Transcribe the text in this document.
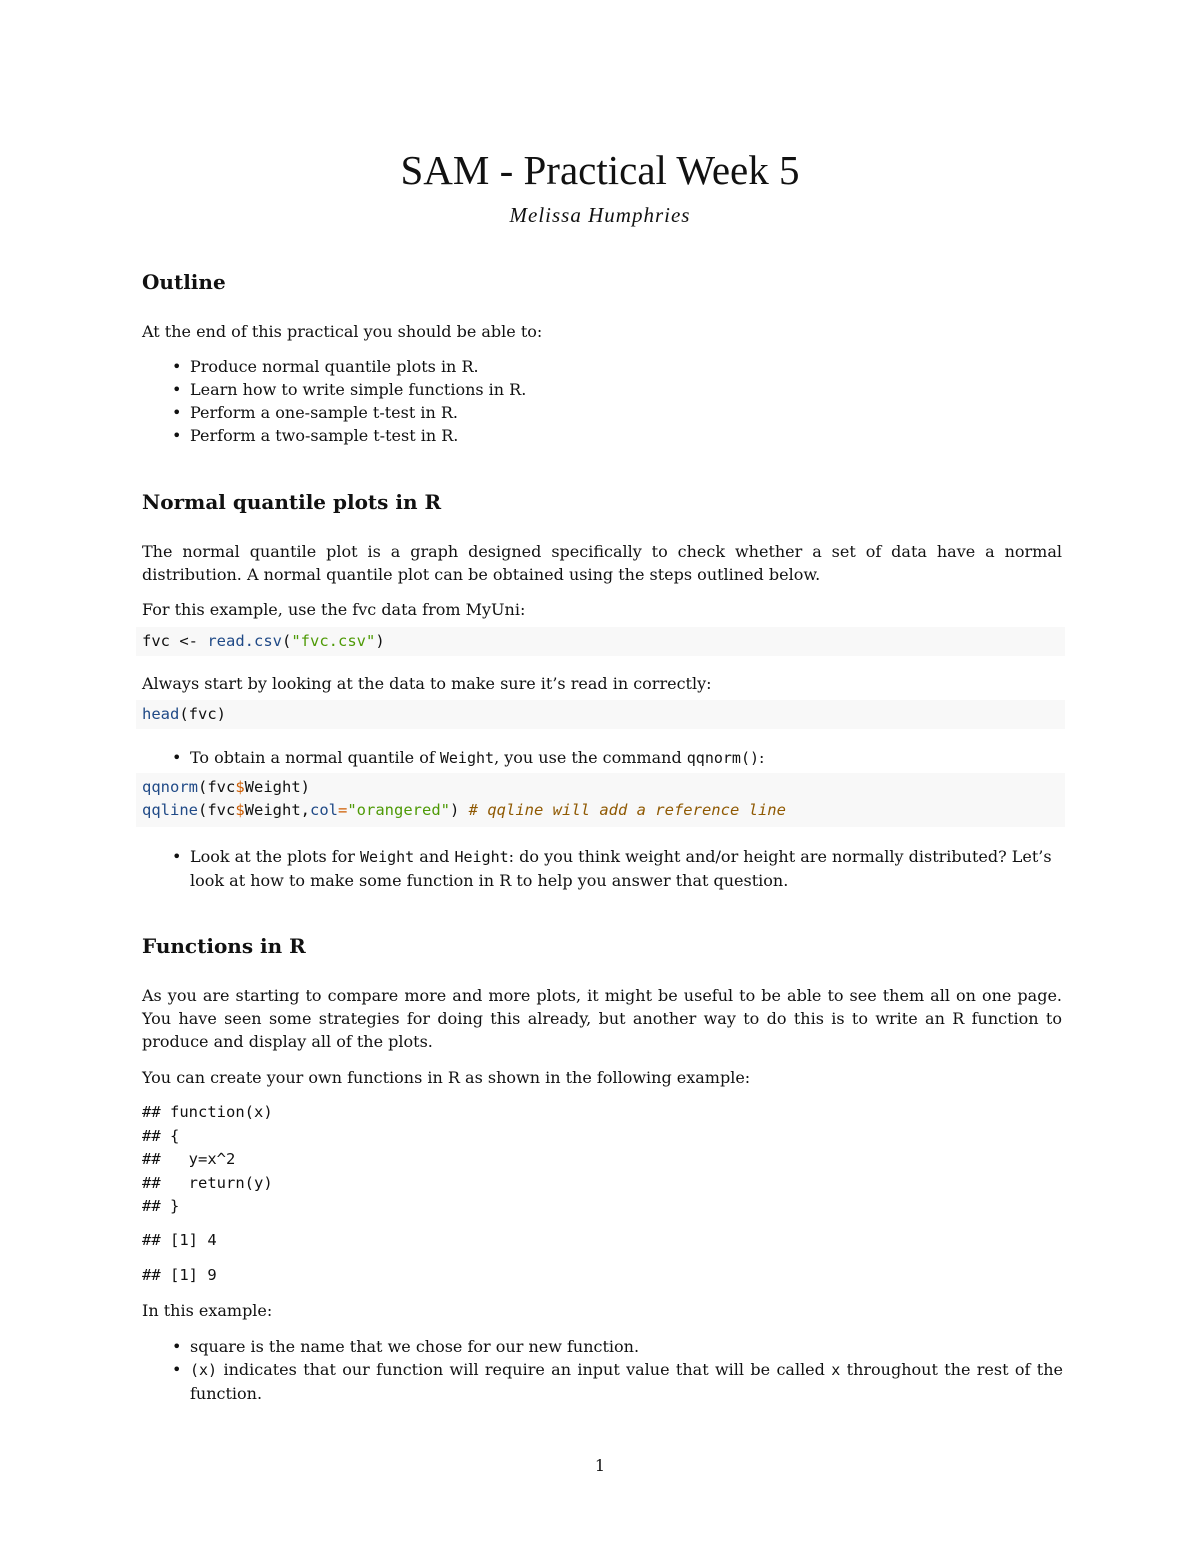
SAM - Practical Week 5
Melissa Humphries
Outline
At the end of this practical you should be able to:
• Produce normal quantile plots in R.
• Learn how to write simple functions in R.
• Perform a one-sample t-test in R.
• Perform a two-sample t-test in R.
Normal quantile plots in R
The normal quantile plot is a graph designed specifically to check whether a set of data have a normal distribution. A normal quantile plot can be obtained using the steps outlined below.
For this example, use the fvc data from MyUni:
fvc <- read.csv("fvc.csv")
Always start by looking at the data to make sure it’s read in correctly:
head(fvc)
• To obtain a normal quantile of Weight, you use the command qqnorm():
qqnorm(fvc$Weight)
qqline(fvc$Weight,col="orangered") # qqline will add a reference line
• Look at the plots for Weight and Height: do you think weight and/or height are normally distributed? Let’s look at how to make some function in R to help you answer that question.
Functions in R
As you are starting to compare more and more plots, it might be useful to be able to see them all on one page. You have seen some strategies for doing this already, but another way to do this is to write an R function to produce and display all of the plots.
You can create your own functions in R as shown in the following example:
## function(x)
## {
##   y=x^2
##   return(y)
## }
## [1] 4
## [1] 9
In this example:
• square is the name that we chose for our new function.
• (x) indicates that our function will require an input value that will be called x throughout the rest of the function.
1
